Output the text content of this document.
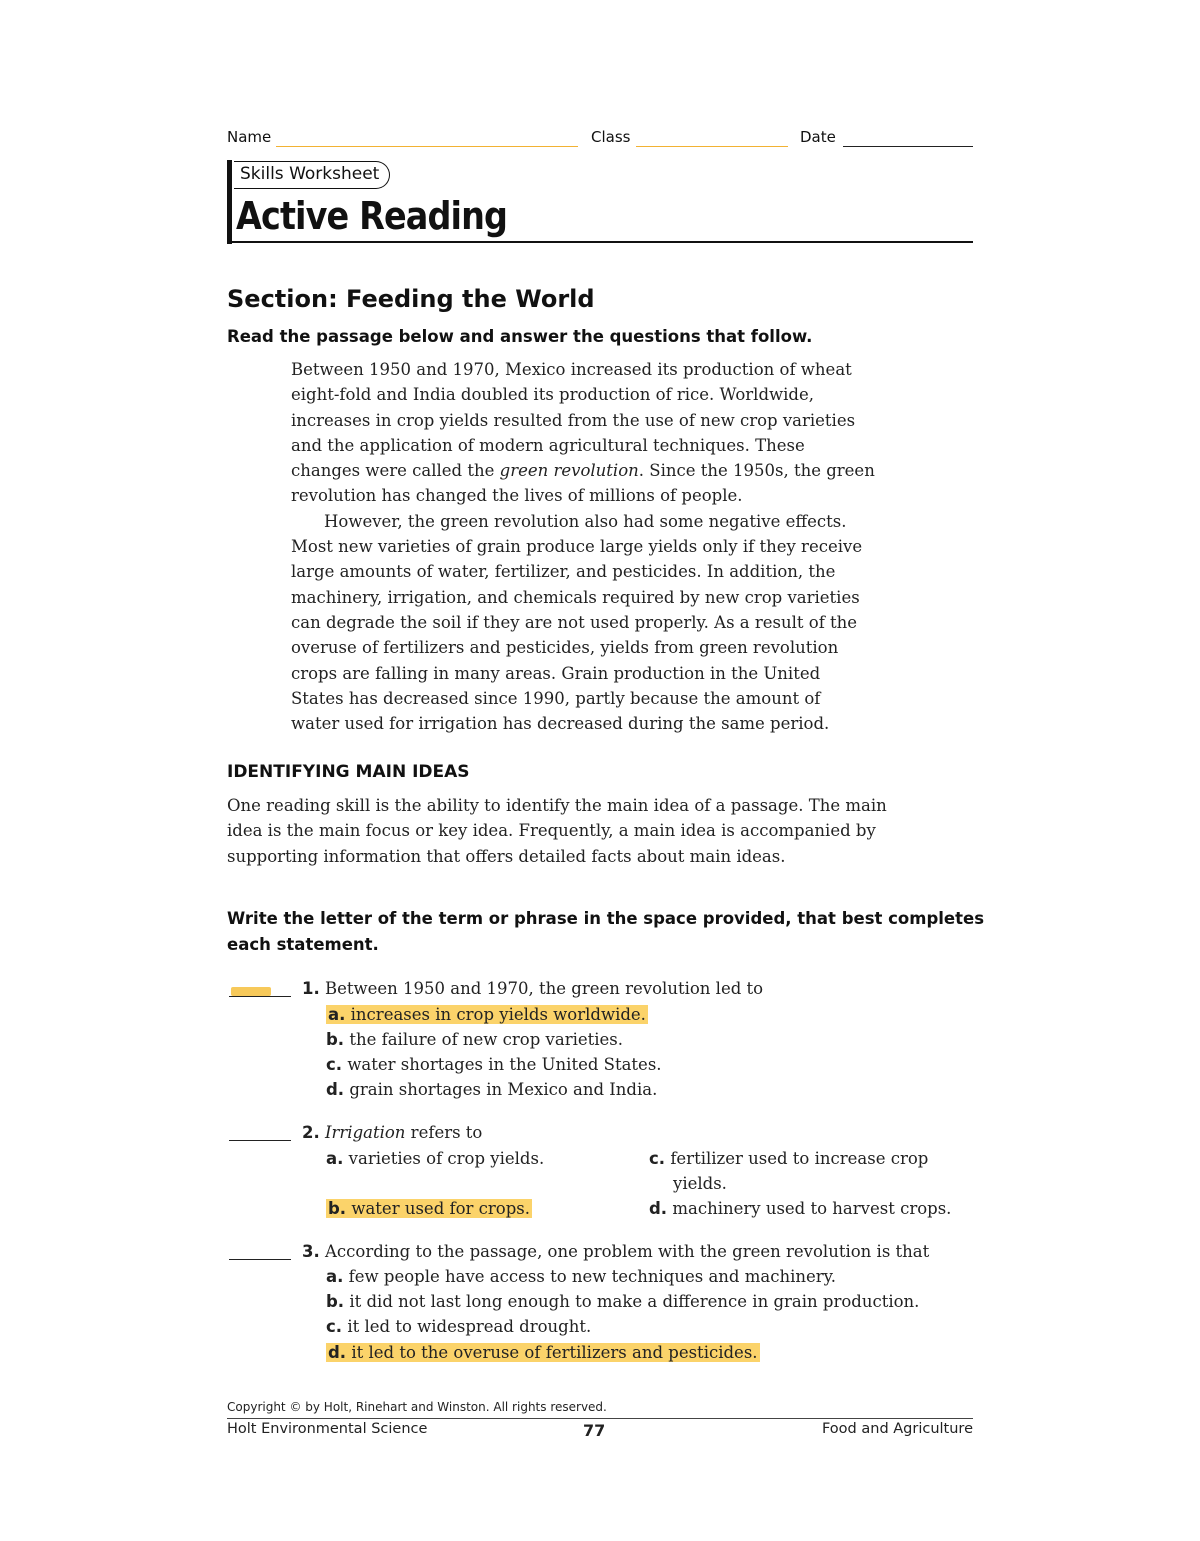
Name	Class	Date
Skills Worksheet
Active Reading
Section: Feeding the World
Read the passage below and answer the questions that follow.
Between 1950 and 1970, Mexico increased its production of wheat
eight-fold and India doubled its production of rice. Worldwide,
increases in crop yields resulted from the use of new crop varieties
and the application of modern agricultural techniques. These
changes were called the green revolution. Since the 1950s, the green
revolution has changed the lives of millions of people.
However, the green revolution also had some negative effects.
Most new varieties of grain produce large yields only if they receive
large amounts of water, fertilizer, and pesticides. In addition, the
machinery, irrigation, and chemicals required by new crop varieties
can degrade the soil if they are not used properly. As a result of the
overuse of fertilizers and pesticides, yields from green revolution
crops are falling in many areas. Grain production in the United
States has decreased since 1990, partly because the amount of
water used for irrigation has decreased during the same period.
IDENTIFYING MAIN IDEAS
One reading skill is the ability to identify the main idea of a passage. The main
idea is the main focus or key idea. Frequently, a main idea is accompanied by
supporting information that offers detailed facts about main ideas.
Write the letter of the term or phrase in the space provided, that best completes
each statement.
1. Between 1950 and 1970, the green revolution led to
a. increases in crop yields worldwide.
b. the failure of new crop varieties.
c. water shortages in the United States.
d. grain shortages in Mexico and India.
2. Irrigation refers to
a. varieties of crop yields.	c. fertilizer used to increase crop
yields.
b. water used for crops.	d. machinery used to harvest crops.
3. According to the passage, one problem with the green revolution is that
a. few people have access to new techniques and machinery.
b. it did not last long enough to make a difference in grain production.
c. it led to widespread drought.
d. it led to the overuse of fertilizers and pesticides.
Copyright © by Holt, Rinehart and Winston. All rights reserved.
Holt Environmental Science	77	Food and Agriculture
